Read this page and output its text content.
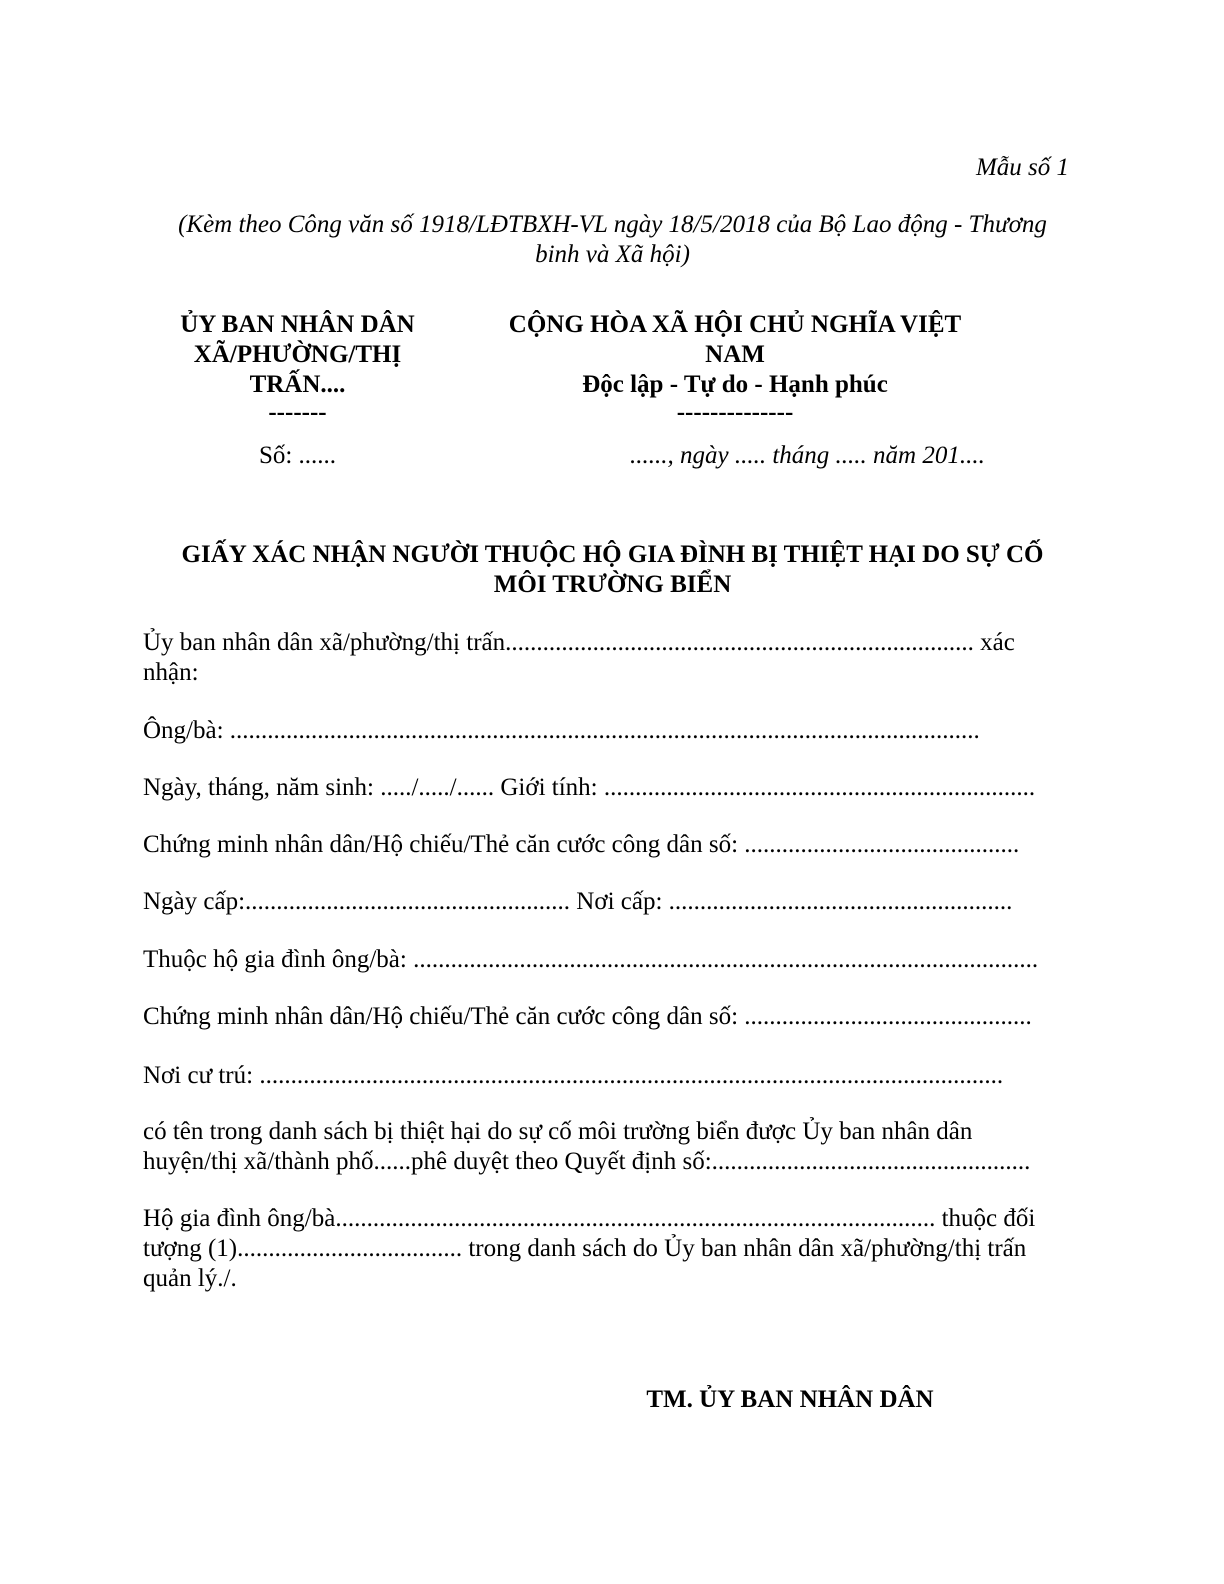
Mẫu số 1
(Kèm theo Công văn số 1918/LĐTBXH-VL ngày 18/5/2018 của Bộ Lao động - Thương
binh và Xã hội)
ỦY BAN NHÂN DÂN
XÃ/PHƯỜNG/THỊ
TRẤN....
-------
CỘNG HÒA XÃ HỘI CHỦ NGHĨA VIỆT
NAM
Độc lập - Tự do - Hạnh phúc
--------------
Số: ......	......, ngày ..... tháng ..... năm 201....
GIẤY XÁC NHẬN NGƯỜI THUỘC HỘ GIA ĐÌNH BỊ THIỆT HẠI DO SỰ CỐ
MÔI TRƯỜNG BIỂN
Ủy ban nhân dân xã/phường/thị trấn........................................................................... xác
nhận:
Ông/bà: ........................................................................................................................
Ngày, tháng, năm sinh: ...../...../...... Giới tính: .....................................................................
Chứng minh nhân dân/Hộ chiếu/Thẻ căn cước công dân số: ............................................
Ngày cấp:.................................................... Nơi cấp: .......................................................
Thuộc hộ gia đình ông/bà: ....................................................................................................
Chứng minh nhân dân/Hộ chiếu/Thẻ căn cước công dân số: ..............................................
Nơi cư trú: .......................................................................................................................
có tên trong danh sách bị thiệt hại do sự cố môi trường biển được Ủy ban nhân dân
huyện/thị xã/thành phố......phê duyệt theo Quyết định số:...................................................
Hộ gia đình ông/bà................................................................................................ thuộc đối
tượng (1).................................... trong danh sách do Ủy ban nhân dân xã/phường/thị trấn
quản lý./.
TM. ỦY BAN NHÂN DÂN
